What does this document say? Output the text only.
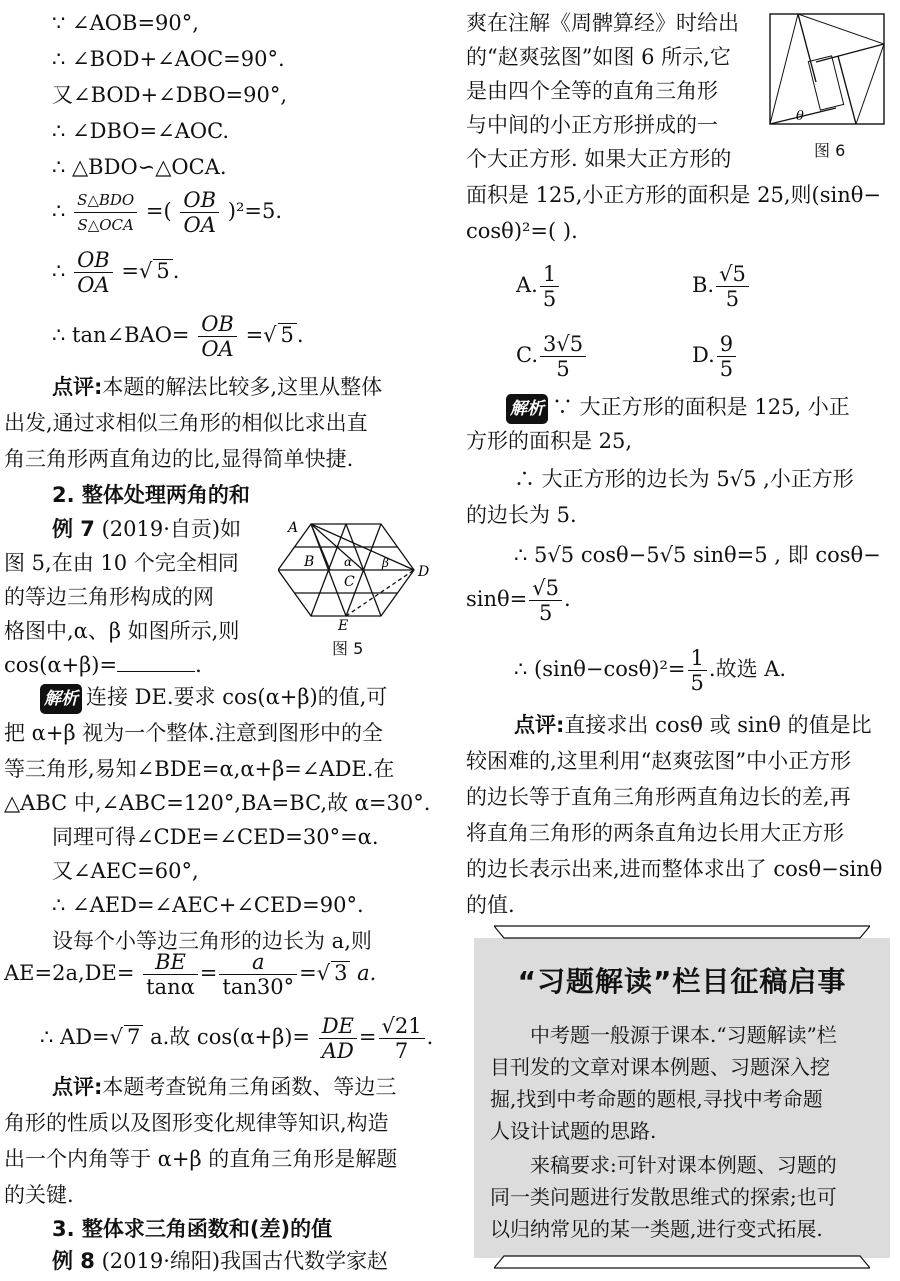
∵ ∠AOB=90°,
∴ ∠BOD+∠AOC=90°.
又∠BOD+∠DBO=90°,
∴ ∠DBO=∠AOC.
∴ △BDO∽△OCA.
∴ $\frac{\text{S△BDO}}{\text{S△OCA}}$ =( $\frac{OB}{OA} )^2=5$.
∴ $\frac{OB}{OA}$ =√ 5 .
∴ tan∠BAO= $\frac{OB}{OA}$ =√ 5 .
点评:本题的解法比较多,这里从整体
出发,通过求相似三角形的相似比求出直
角三角形两直角边的比,显得简单快捷.
2. 整体处理两角的和
例 7 (2019·自贡)如
图 5,在由 10 个完全相同
的等边三角形构成的网
格图中,α、β 如图所示,则
cos(α+β)=	.
A
B
C
D
E
α β
图 5
解析 连接 DE.要求 cos(α+β)的值,可
把 α+β 视为一个整体.注意到图形中的全
等三角形,易知∠BDE=α,α+β=∠ADE.在
△ABC 中,∠ABC=120°,BA=BC,故 α=30°.
同理可得∠CDE=∠CED=30°=α.
又∠AEC=60°,
∴ ∠AED=∠AEC+∠CED=90°.
设每个小等边三角形的边长为 a,则
$AE=2a,DE= \frac{BE}{\tan\alpha} = \frac{a}{\tan 30^\circ}$ =√ 3 a.
∴ AD=√ 7 a.故 $\cos(\alpha+\beta)= \frac{DE}{AD} = \frac{√21}{7}$ .
点评:本题考查锐角三角函数、等边三
角形的性质以及图形变化规律等知识,构造
出一个内角等于 α+β 的直角三角形是解题
的关键.
3. 整体求三角函数和(差)的值
例 8 (2019·绵阳)我国古代数学家赵
爽在注解《周髀算经》时给出
的“赵爽弦图”如图 6 所示,它
是由四个全等的直角三角形
与中间的小正方形拼成的一
个大正方形. 如果大正方形的
面积是 125,小正方形的面积是 25,则(sinθ−
cosθ)²=( ).
θ
图 6
A. $\frac{1}{5}$	B. $\frac{√5}{5}$
C. $\frac{3√5}{5}$	D. $\frac{9}{5}$
解析 ∵ 大正方形的面积是 125, 小正
方形的面积是 25,
∴ 大正方形的边长为 5√5 ,小正方形
的边长为 5.
∴ 5√5 cosθ−5√5 sinθ=5 , 即 cosθ−
$\sin\theta= \frac{√5}{5}$ .
∴ $(\sin\theta-\cos\theta)^2= \frac{1}{5}$ .故选 A.
点评:直接求出 cosθ 或 sinθ 的值是比
较困难的,这里利用“赵爽弦图”中小正方形
的边长等于直角三角形两直角边长的差,再
将直角三角形的两条直角边长用大正方形
的边长表示出来,进而整体求出了 cosθ−sinθ
的值.
“习题解读”栏目征稿启事
中考题一般源于课本.“习题解读”栏
目刊发的文章对课本例题、习题深入挖
掘,找到中考命题的题根,寻找中考命题
人设计试题的思路.
来稿要求:可针对课本例题、习题的
同一类问题进行发散思维式的探索;也可
以归纳常见的某一类题,进行变式拓展.
